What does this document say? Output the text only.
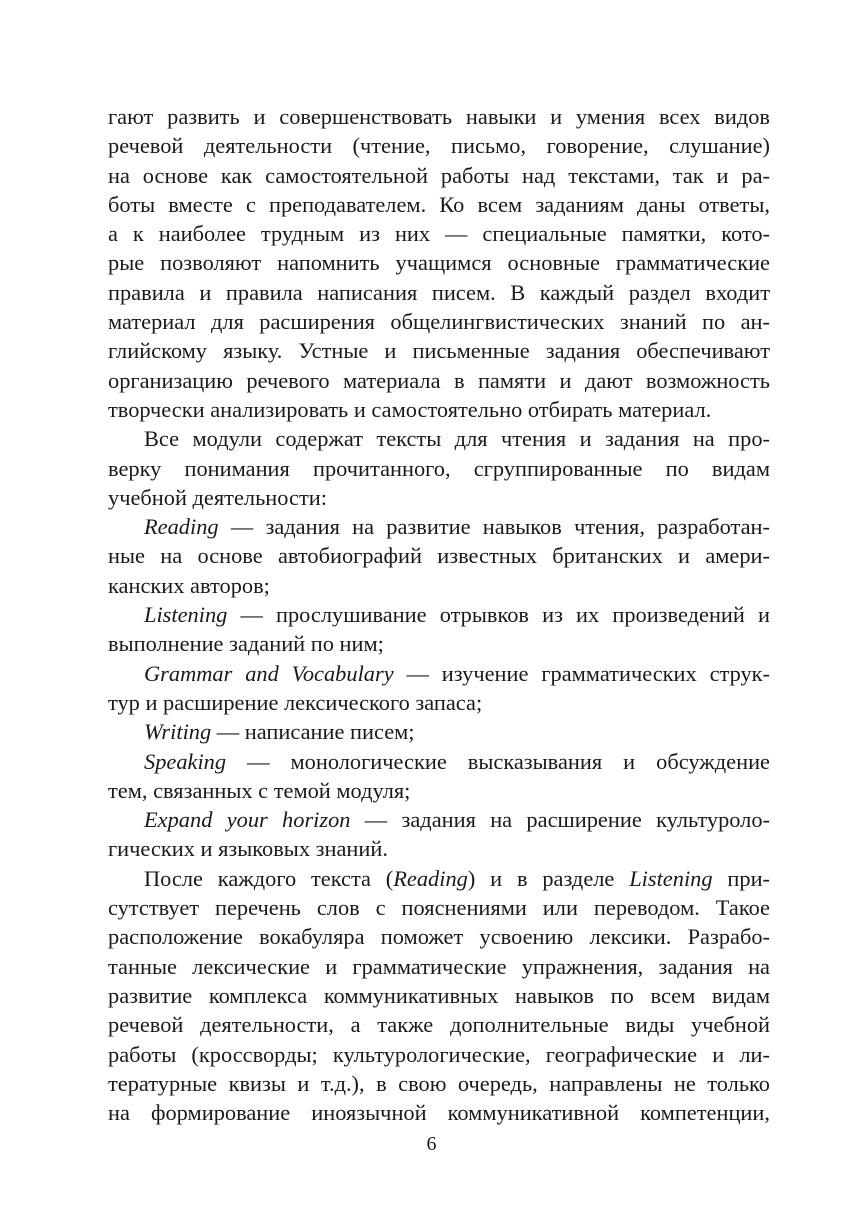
гают развить и совершенствовать навыки и умения всех видов
речевой деятельности (чтение, письмо, говорение, слушание)
на основе как самостоятельной работы над текстами, так и ра-
боты вместе с преподавателем. Ко всем заданиям даны ответы,
а к наиболее трудным из них — специальные памятки, кото-
рые позволяют напомнить учащимся основные грамматические
правила и правила написания писем. В каждый раздел входит
материал для расширения общелингвистических знаний по ан-
глийскому языку. Устные и письменные задания обеспечивают
организацию речевого материала в памяти и дают возможность
творчески анализировать и самостоятельно отбирать материал.
Все модули содержат тексты для чтения и задания на про-
верку понимания прочитанного, сгруппированные по видам
учебной деятельности:
Reading — задания на развитие навыков чтения, разработан-
ные на основе автобиографий известных британских и амери-
канских авторов;
Listening — прослушивание отрывков из их произведений и
выполнение заданий по ним;
Grammar and Vocabulary — изучение грамматических струк-
тур и расширение лексического запаса;
Writing — написание писем;
Speaking — монологические высказывания и обсуждение
тем, связанных с темой модуля;
Expand your horizon — задания на расширение культуроло-
гических и языковых знаний.
После каждого текста (Reading) и в разделе Listening при-
сутствует перечень слов с пояснениями или переводом. Такое
расположение вокабуляра поможет усвоению лексики. Разрабо-
танные лексические и грамматические упражнения, задания на
развитие комплекса коммуникативных навыков по всем видам
речевой деятельности, а также дополнительные виды учебной
работы (кроссворды; культурологические, географические и ли-
тературные квизы и т.д.), в свою очередь, направлены не только
на формирование иноязычной коммуникативной компетенции,
6
